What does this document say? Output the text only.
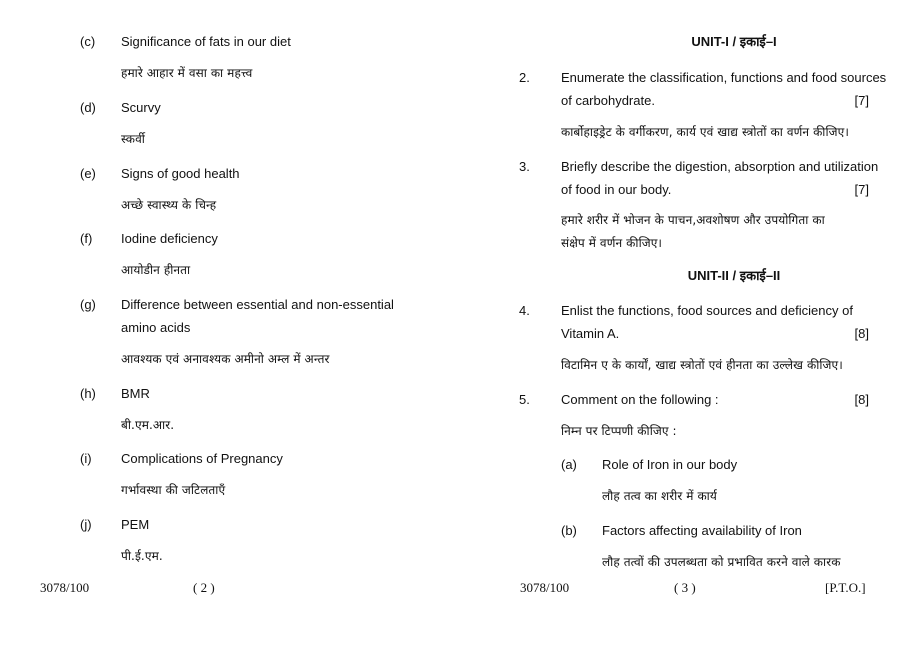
(c) Significance of fats in our diet
हमारे आहार में वसा का महत्त्व
(d) Scurvy
स्कर्वी
(e) Signs of good health
अच्छे स्वास्थ्य के चिन्ह
(f) Iodine deficiency
आयोडीन हीनता
(g) Difference between essential and non-essential
amino acids
आवश्यक एवं अनावश्यक अमीनो अम्ल में अन्तर
(h) BMR
बी.एम.आर.
(i) Complications of Pregnancy
गर्भावस्था की जटिलताएँ
(j) PEM
पी.ई.एम.
3078/100	( 2 )
UNIT-I / इकाई–I
2. Enumerate the classification, functions and food sources
of carbohydrate.	[7]
कार्बोहाइड्रेट के वर्गीकरण, कार्य एवं खाद्य स्त्रोतों का वर्णन कीजिए।
3. Briefly describe the digestion, absorption and utilization
of food in our body.	[7]
हमारे शरीर में भोजन के पाचन,अवशोषण और उपयोगिता का
संक्षेप में वर्णन कीजिए।
UNIT-II / इकाई–II
4. Enlist the functions, food sources and deficiency of
Vitamin A.	[8]
विटामिन ए के कार्यों, खाद्य स्त्रोतों एवं हीनता का उल्लेख कीजिए।
5. Comment on the following :	[8]
निम्न पर टिप्पणी कीजिए :
(a) Role of Iron in our body
लौह तत्व का शरीर में कार्य
(b) Factors affecting availability of Iron
लौह तत्वों की उपलब्धता को प्रभावित करने वाले कारक
3078/100	( 3 )	[P.T.O.]
